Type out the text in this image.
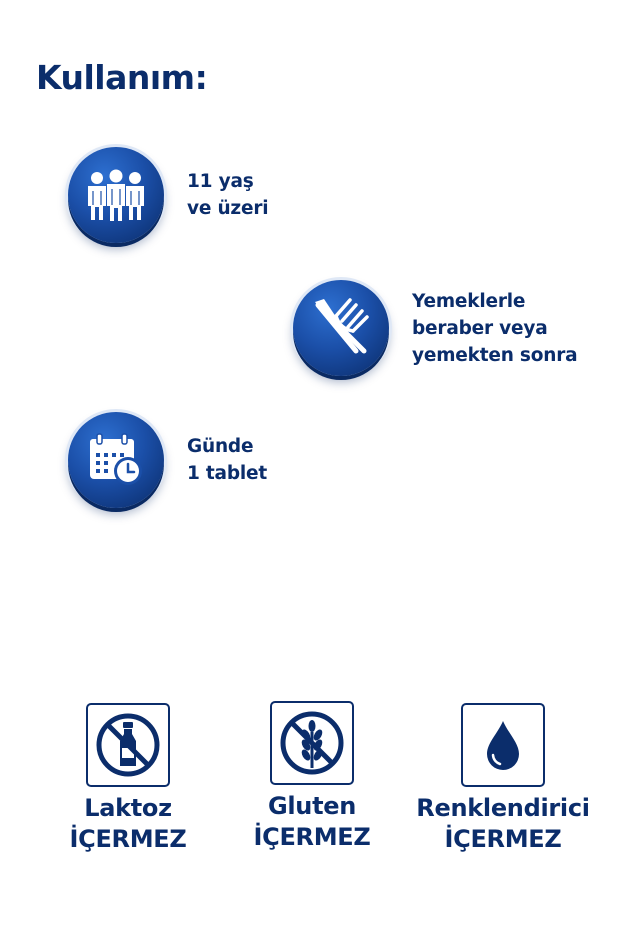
Kullanım:
11 yaş
ve üzeri
Yemeklerle
beraber veya
yemekten sonra
Günde
1 tablet
Laktoz
İÇERMEZ
Gluten
İÇERMEZ
Renklendirici
İÇERMEZ
